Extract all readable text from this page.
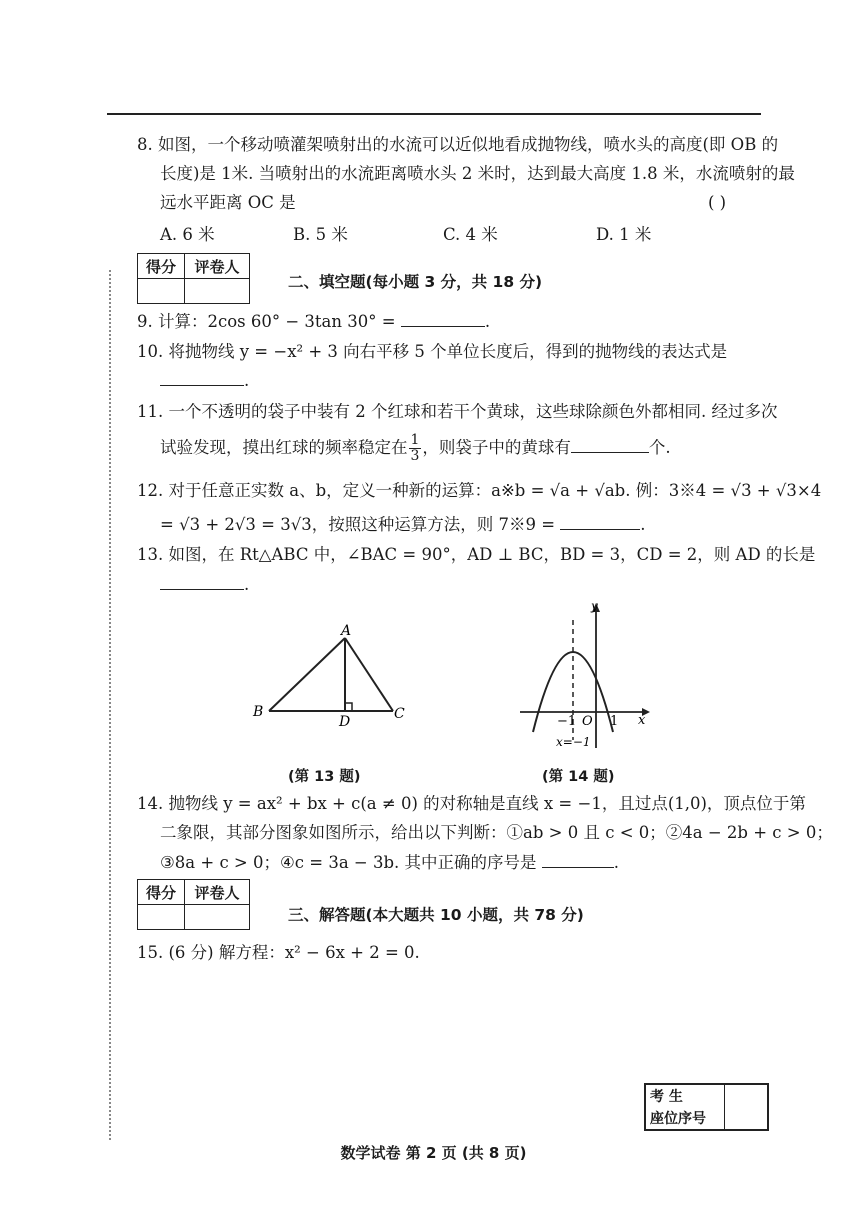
8. 如图，一个移动喷灌架喷射出的水流可以近似地看成抛物线，喷水头的高度(即 OB 的
长度)是 1米. 当喷射出的水流距离喷水头 2 米时，达到最大高度 1.8 米，水流喷射的最
远水平距离 OC 是	( )
A. 6 米	B. 5 米	C. 4 米	D. 1 米
得分	评卷人

二、填空题(每小题 3 分，共 18 分)
9. 计算：2cos 60° − 3tan 30° =	.
10. 将抛物线 y = −x² + 3 向右平移 5 个单位长度后，得到的抛物线的表达式是
.
11. 一个不透明的袋子中装有 2 个红球和若干个黄球，这些球除颜色外都相同. 经过多次
试验发现，摸出红球的频率稳定在 $\frac{1}{3}$ ，则袋子中的黄球有	个.
12. 对于任意正实数 a、b，定义一种新的运算：a※b = √a + √ab. 例：3※4 = √3 + √3×4
= √3 + 2√3 = 3√3，按照这种运算方法，则 7※9 =	.
13. 如图，在 Rt△ABC 中，∠BAC = 90°，AD ⊥ BC，BD = 3，CD = 2，则 AD 的长是
.
A
B
D	C
(第 13 题)
y
x
O
−1	1
x=−1
(第 14 题)
14. 抛物线 y = ax² + bx + c(a ≠ 0) 的对称轴是直线 x = −1，且过点(1,0)，顶点位于第
二象限，其部分图象如图所示，给出以下判断：①ab > 0 且 c < 0；②4a − 2b + c > 0；
③8a + c > 0；④c = 3a − 3b. 其中正确的序号是	.
得分	评卷人

三、解答题(本大题共 10 小题，共 78 分)
15. (6 分) 解方程：x² − 6x + 2 = 0.
考 生	
座位序号
数学试卷 第 2 页 (共 8 页)
